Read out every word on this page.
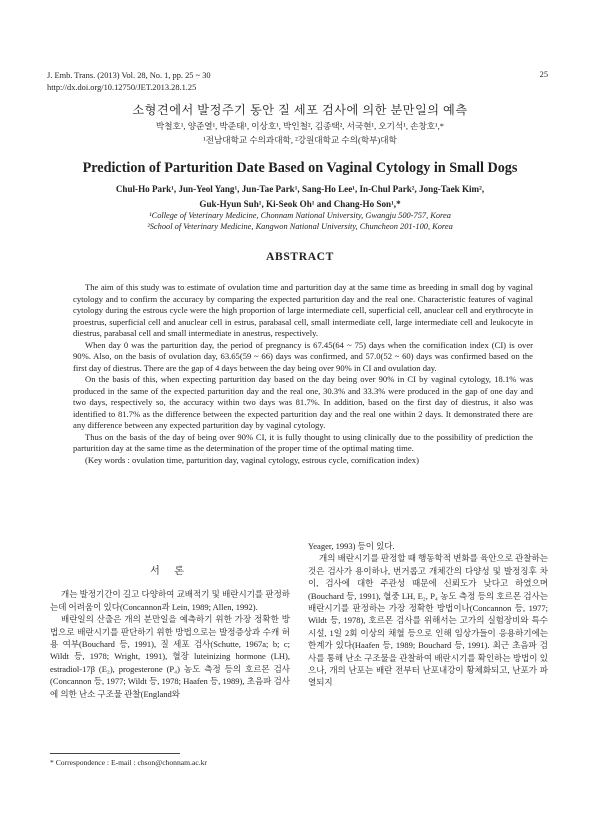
J. Emb. Trans. (2013) Vol. 28, No. 1, pp. 25 ~ 30
http://dx.doi.org/10.12750/JET.2013.28.1.25
25
소형견에서 발정주기 동안 질 세포 검사에 의한 분만일의 예측
박철호¹, 양준열¹, 박준태¹, 이상호¹, 박인철², 김종택², 서국현¹, 오기석¹, 손창호¹,*
¹전남대학교 수의과대학, ²강원대학교 수의(학부)대학
Prediction of Parturition Date Based on Vaginal Cytology in Small Dogs
Chul-Ho Park¹, Jun-Yeol Yang¹, Jun-Tae Park¹, Sang-Ho Lee¹, In-Chul Park², Jong-Taek Kim²,
Guk-Hyun Suh¹, Ki-Seok Oh¹ and Chang-Ho Son¹,*
¹College of Veterinary Medicine, Chonnam National University, Gwangju 500-757, Korea
²School of Veterinary Medicine, Kangwon National University, Chuncheon 201-100, Korea
ABSTRACT

The aim of this study was to estimate of ovulation time and parturition day at the same time as breeding in small dog by vaginal cytology and to confirm the accuracy by comparing the expected parturition day and the real one. Characteristic features of vaginal cytology during the estrous cycle were the high proportion of large intermediate cell, superficial cell, anuclear cell and erythrocyte in proestrus, superficial cell and anuclear cell in estrus, parabasal cell, small intermediate cell, large intermediate cell and leukocyte in diestrus, parabasal cell and small intermediate in anestrus, respectively.

When day 0 was the parturition day, the period of pregnancy is 67.45(64 ~ 75) days when the cornification index (CI) is over 90%. Also, on the basis of ovulation day, 63.65(59 ~ 66) days was confirmed, and 57.0(52 ~ 60) days was confirmed based on the first day of diestrus. There are the gap of 4 days between the day being over 90% in CI and ovulation day.

On the basis of this, when expecting parturition day based on the day being over 90% in CI by vaginal cytology, 18.1% was produced in the same of the expected parturition day and the real one, 30.3% and 33.3% were produced in the gap of one day and two days, respectively so, the accuracy within two days was 81.7%. In addition, based on the first day of diestrus, it also was identified to 81.7% as the difference between the expected parturition day and the real one within 2 days. It demonstrated there are any difference between any expected parturition day by vaginal cytology.

Thus on the basis of the day of being over 90% CI, it is fully thought to using clinically due to the possibility of prediction the parturition day at the same time as the determination of the proper time of the optimal mating time.

(Key words : ovulation time, parturition day, vaginal cytology, estrous cycle, cornification index)

서 론

개는 발정기간이 길고 다양하여 교배적기 및 배란시기를 판정하는데 어려움이 있다(Concannon과 Lein, 1989; Allen, 1992).

배란일의 산출은 개의 분만일을 예측하기 위한 가장 정확한 방법으로 배란시기를 판단하기 위한 방법으로는 발정증상과 수캐 허용 여부(Bouchard 등, 1991), 질 세포 검사(Schutte, 1967a; b; c; Wildt 등, 1978; Wright, 1991), 혈장 luteinizing hormone (LH), estradiol-17β (E₂), progesterone (P₄) 농도 측정 등의 호르몬 검사(Concannon 등, 1977; Wildt 등, 1978; Haafen 등, 1989), 초음파 검사에 의한 난소 구조물 관찰(England와

Yeager, 1993) 등이 있다.

개의 배란시기를 판정할 때 행동학적 변화를 육안으로 관찰하는 것은 검사가 용이하나, 번거롭고 개체간의 다양성 및 발정징후 차이, 검사에 대한 주관성 때문에 신뢰도가 낮다고 하였으며(Bouchard 등, 1991), 혈중 LH, E₂, P₄ 농도 측정 등의 호르몬 검사는 배란시기를 판정하는 가장 정확한 방법이나(Concannon 등, 1977; Wildt 등, 1978), 호르몬 검사를 위해서는 고가의 실험장비와 특수 시설, 1일 2회 이상의 채혈 등으로 인해 임상가들이 응용하기에는 한계가 있다(Haafen 등, 1989; Bouchard 등, 1991). 최근 초음파 검사를 통해 난소 구조물을 관찰하여 배란시기를 확인하는 방법이 있으나, 개의 난포는 배란 전부터 난포내강이 황체화되고, 난포가 파열되지

* Correspondence : E-mail : chson@chonnam.ac.kr
